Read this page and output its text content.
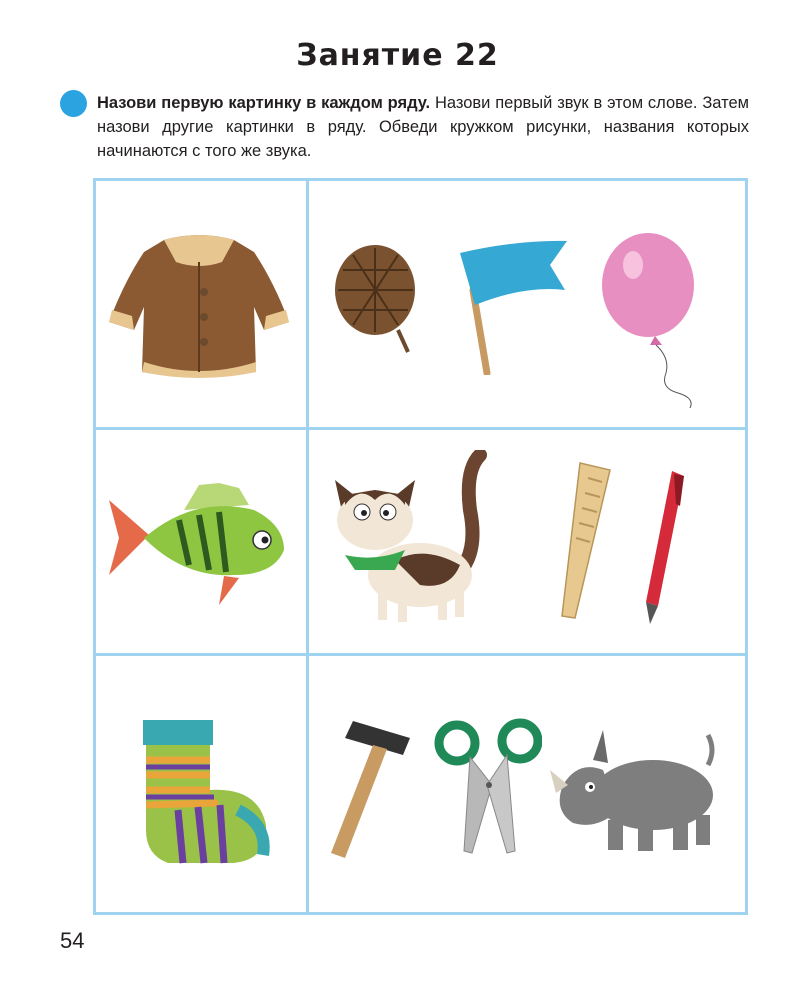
Занятие 22
Назови первую картинку в каждом ряду. Назови первый звук в этом слове. Затем назови другие картинки в ряду. Обведи кружком рисунки, названия которых начинаются с того же звука.
54
